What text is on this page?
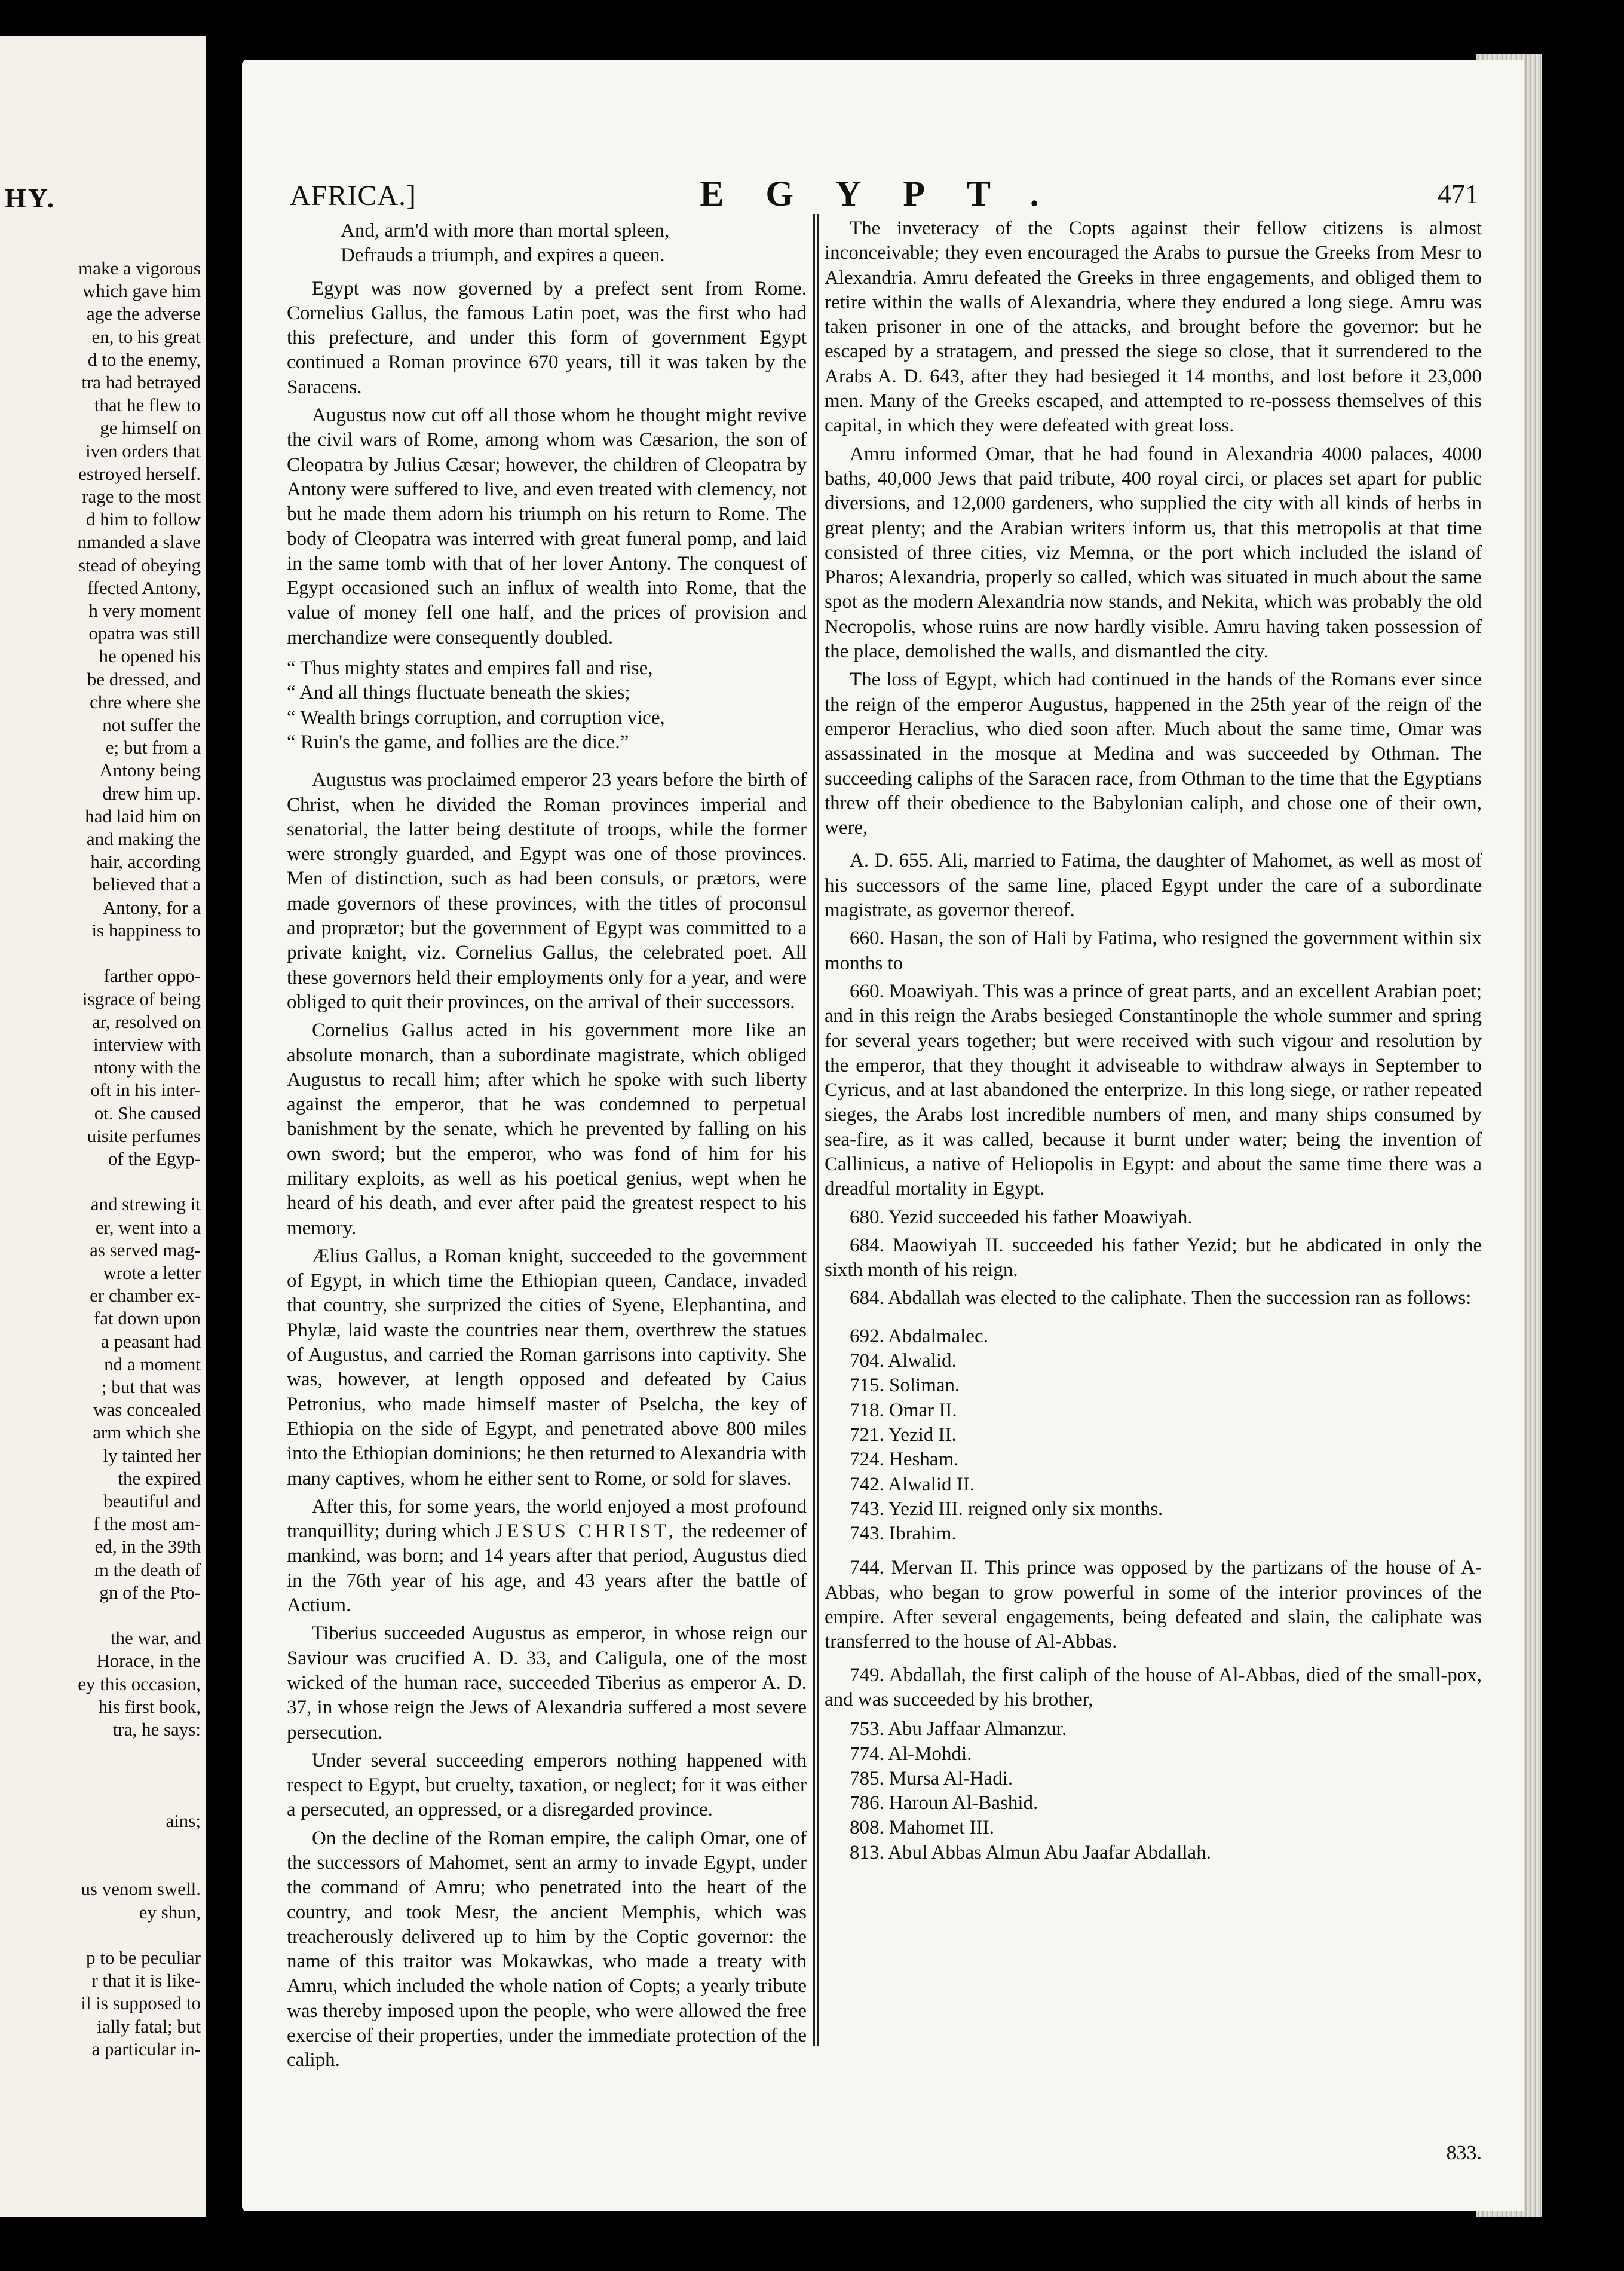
HY.
make a vigorous
which gave him
age the adverse
en, to his great
d to the enemy,
tra had betrayed
that he flew to
ge himself on
iven orders that
estroyed herself.
rage to the most
d him to follow
nmanded a slave
stead of obeying
ffected Antony,
h very moment
opatra was still
he opened his
be dressed, and
chre where she
not suffer the
e; but from a
Antony being
drew him up.
had laid him on
and making the
hair, according
believed that a
Antony, for a
is happiness to

farther oppo-
isgrace of being
ar, resolved on
interview with
ntony with the
oft in his inter-
ot. She caused
uisite perfumes
of the Egyp-

and strewing it
er, went into a
as served mag-
wrote a letter
er chamber ex-
fat down upon
a peasant had
nd a moment
; but that was
was concealed
arm which she
ly tainted her
the expired
beautiful and
f the most am-
ed, in the 39th
m the death of
gn of the Pto-

the war, and
Horace, in the
ey this occasion,
his first book,
tra, he says:

ains;

us venom swell.
ey shun,

p to be peculiar
r that it is like-
il is supposed to
ially fatal; but
a particular in-
AFRICA.]	EGYPT.	471
And, arm'd with more than mortal spleen,
Defrauds a triumph, and expires a queen.

Egypt was now governed by a prefect sent from Rome. Cornelius Gallus, the famous Latin poet, was the first who had this prefecture, and under this form of government Egypt continued a Roman province 670 years, till it was taken by the Saracens.

Augustus now cut off all those whom he thought might revive the civil wars of Rome, among whom was Cæsarion, the son of Cleopatra by Julius Cæsar; however, the children of Cleopatra by Antony were suffered to live, and even treated with clemency, not but he made them adorn his triumph on his return to Rome. The body of Cleopatra was interred with great funeral pomp, and laid in the same tomb with that of her lover Antony. The conquest of Egypt occasioned such an influx of wealth into Rome, that the value of money fell one half, and the prices of provision and merchandize were consequently doubled.

“ Thus mighty states and empires fall and rise,
“ And all things fluctuate beneath the skies;
“ Wealth brings corruption, and corruption vice,
“ Ruin's the game, and follies are the dice.”

Augustus was proclaimed emperor 23 years before the birth of Christ, when he divided the Roman provinces imperial and senatorial, the latter being destitute of troops, while the former were strongly guarded, and Egypt was one of those provinces. Men of distinction, such as had been consuls, or prætors, were made governors of these provinces, with the titles of proconsul and proprætor; but the government of Egypt was committed to a private knight, viz. Cornelius Gallus, the celebrated poet. All these governors held their employments only for a year, and were obliged to quit their provinces, on the arrival of their successors.

Cornelius Gallus acted in his government more like an absolute monarch, than a subordinate magistrate, which obliged Augustus to recall him; after which he spoke with such liberty against the emperor, that he was condemned to perpetual banishment by the senate, which he prevented by falling on his own sword; but the emperor, who was fond of him for his military exploits, as well as his poetical genius, wept when he heard of his death, and ever after paid the greatest respect to his memory.

Ælius Gallus, a Roman knight, succeeded to the government of Egypt, in which time the Ethiopian queen, Candace, invaded that country, she surprized the cities of Syene, Elephantina, and Phylæ, laid waste the countries near them, overthrew the statues of Augustus, and carried the Roman garrisons into captivity. She was, however, at length opposed and defeated by Caius Petronius, who made himself master of Pselcha, the key of Ethiopia on the side of Egypt, and penetrated above 800 miles into the Ethiopian dominions; he then returned to Alexandria with many captives, whom he either sent to Rome, or sold for slaves.

After this, for some years, the world enjoyed a most profound tranquillity; during which JESUS CHRIST, the redeemer of mankind, was born; and 14 years after that period, Augustus died in the 76th year of his age, and 43 years after the battle of Actium.

Tiberius succeeded Augustus as emperor, in whose reign our Saviour was crucified A. D. 33, and Caligula, one of the most wicked of the human race, succeeded Tiberius as emperor A. D. 37, in whose reign the Jews of Alexandria suffered a most severe persecution.

Under several succeeding emperors nothing happened with respect to Egypt, but cruelty, taxation, or neglect; for it was either a persecuted, an oppressed, or a disregarded province.

On the decline of the Roman empire, the caliph Omar, one of the successors of Mahomet, sent an army to invade Egypt, under the command of Amru; who penetrated into the heart of the country, and took Mesr, the ancient Memphis, which was treacherously delivered up to him by the Coptic governor: the name of this traitor was Mokawkas, who made a treaty with Amru, which included the whole nation of Copts; a yearly tribute was thereby imposed upon the people, who were allowed the free exercise of their properties, under the immediate protection of the caliph.

The inveteracy of the Copts against their fellow citizens is almost inconceivable; they even encouraged the Arabs to pursue the Greeks from Mesr to Alexandria. Amru defeated the Greeks in three engagements, and obliged them to retire within the walls of Alexandria, where they endured a long siege. Amru was taken prisoner in one of the attacks, and brought before the governor: but he escaped by a stratagem, and pressed the siege so close, that it surrendered to the Arabs A. D. 643, after they had besieged it 14 months, and lost before it 23,000 men. Many of the Greeks escaped, and attempted to re-possess themselves of this capital, in which they were defeated with great loss.

Amru informed Omar, that he had found in Alexandria 4000 palaces, 4000 baths, 40,000 Jews that paid tribute, 400 royal circi, or places set apart for public diversions, and 12,000 gardeners, who supplied the city with all kinds of herbs in great plenty; and the Arabian writers inform us, that this metropolis at that time consisted of three cities, viz Memna, or the port which included the island of Pharos; Alexandria, properly so called, which was situated in much about the same spot as the modern Alexandria now stands, and Nekita, which was probably the old Necropolis, whose ruins are now hardly visible. Amru having taken possession of the place, demolished the walls, and dismantled the city.

The loss of Egypt, which had continued in the hands of the Romans ever since the reign of the emperor Augustus, happened in the 25th year of the reign of the emperor Heraclius, who died soon after. Much about the same time, Omar was assassinated in the mosque at Medina and was succeeded by Othman. The succeeding caliphs of the Saracen race, from Othman to the time that the Egyptians threw off their obedience to the Babylonian caliph, and chose one of their own, were,

A. D. 655. Ali, married to Fatima, the daughter of Mahomet, as well as most of his successors of the same line, placed Egypt under the care of a subordinate magistrate, as governor thereof.

660. Hasan, the son of Hali by Fatima, who resigned the government within six months to

660. Moawiyah. This was a prince of great parts, and an excellent Arabian poet; and in this reign the Arabs besieged Constantinople the whole summer and spring for several years together; but were received with such vigour and resolution by the emperor, that they thought it adviseable to withdraw always in September to Cyricus, and at last abandoned the enterprize. In this long siege, or rather repeated sieges, the Arabs lost incredible numbers of men, and many ships consumed by sea-fire, as it was called, because it burnt under water; being the invention of Callinicus, a native of Heliopolis in Egypt: and about the same time there was a dreadful mortality in Egypt.

680. Yezid succeeded his father Moawiyah.

684. Maowiyah II. succeeded his father Yezid; but he abdicated in only the sixth month of his reign.

684. Abdallah was elected to the caliphate. Then the succession ran as follows:

692. Abdalmalec.
704. Alwalid.
715. Soliman.
718. Omar II.
721. Yezid II.
724. Hesham.
742. Alwalid II.
743. Yezid III. reigned only six months.
743. Ibrahim.

744. Mervan II. This prince was opposed by the partizans of the house of A-Abbas, who began to grow powerful in some of the interior provinces of the empire. After several engagements, being defeated and slain, the caliphate was transferred to the house of Al-Abbas.

749. Abdallah, the first caliph of the house of Al-Abbas, died of the small-pox, and was succeeded by his brother,

753. Abu Jaffaar Almanzur.
774. Al-Mohdi.
785. Mursa Al-Hadi.
786. Haroun Al-Bashid.
808. Mahomet III.
813. Abul Abbas Almun Abu Jaafar Abdallah.
833.
